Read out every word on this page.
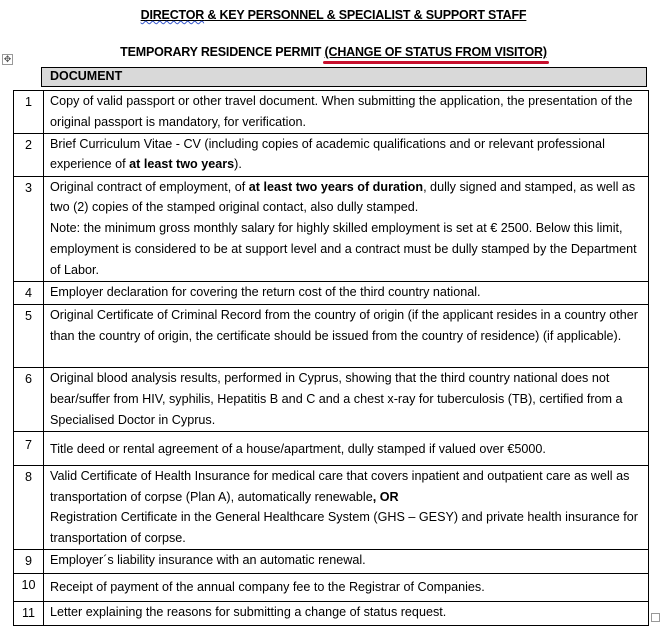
DIRECTOR & KEY PERSONNEL & SPECIALIST & SUPPORT STAFF
TEMPORARY RESIDENCE PERMIT (CHANGE OF STATUS FROM VISITOR)
✥
DOCUMENT
1	Copy of valid passport or other travel document. When submitting the application, the presentation of the original passport is mandatory, for verification.
2	Brief Curriculum Vitae - CV (including copies of academic qualifications and or relevant professional experience of at least two years).
3	Original contract of employment, of at least two years of duration, dully signed and stamped, as well as two (2) copies of the stamped original contact, also dully stamped.
Note: the minimum gross monthly salary for highly skilled employment is set at € 2500. Below this limit, employment is considered to be at support level and a contract must be dully stamped by the Department of Labor.
4	Employer declaration for covering the return cost of the third country national.
5	Original Certificate of Criminal Record from the country of origin (if the applicant resides in a country other than the country of origin, the certificate should be issued from the country of residence) (if applicable).
6	Original blood analysis results, performed in Cyprus, showing that the third country national does not bear/suffer from HIV, syphilis, Hepatitis B and C and a chest x-ray for tuberculosis (TB), certified from a Specialised Doctor in Cyprus.
7	Title deed or rental agreement of a house/apartment, dully stamped if valued over €5000.
8	Valid Certificate of Health Insurance for medical care that covers inpatient and outpatient care as well as transportation of corpse (Plan A), automatically renewable, OR
Registration Certificate in the General Healthcare System (GHS – GESY) and private health insurance for transportation of corpse.
9	Employer´s liability insurance with an automatic renewal.
10	Receipt of payment of the annual company fee to the Registrar of Companies.
11	Letter explaining the reasons for submitting a change of status request.
